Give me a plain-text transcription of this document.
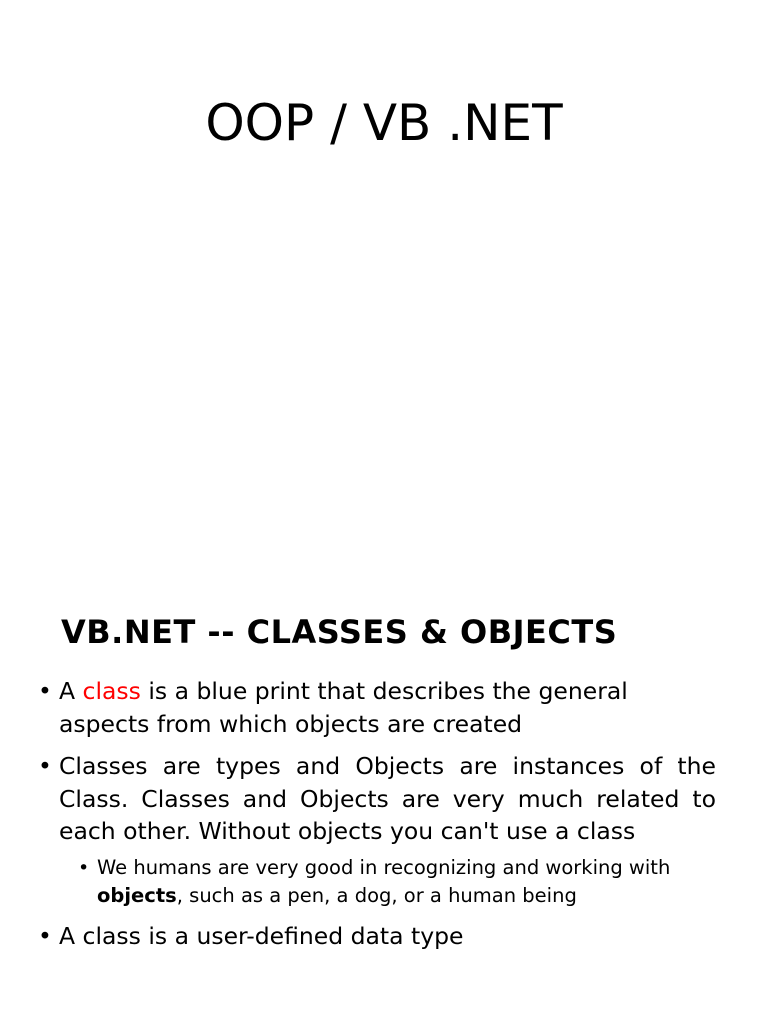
OOP / VB .NET
VB.NET -- CLASSES & OBJECTS
• A class is a blue print that describes the general aspects from which objects are created
• Classes are types and Objects are instances of the Class. Classes and Objects are very much related to each other. Without objects you can't use a class
• We humans are very good in recognizing and working with objects, such as a pen, a dog, or a human being
• A class is a user-defined data type
